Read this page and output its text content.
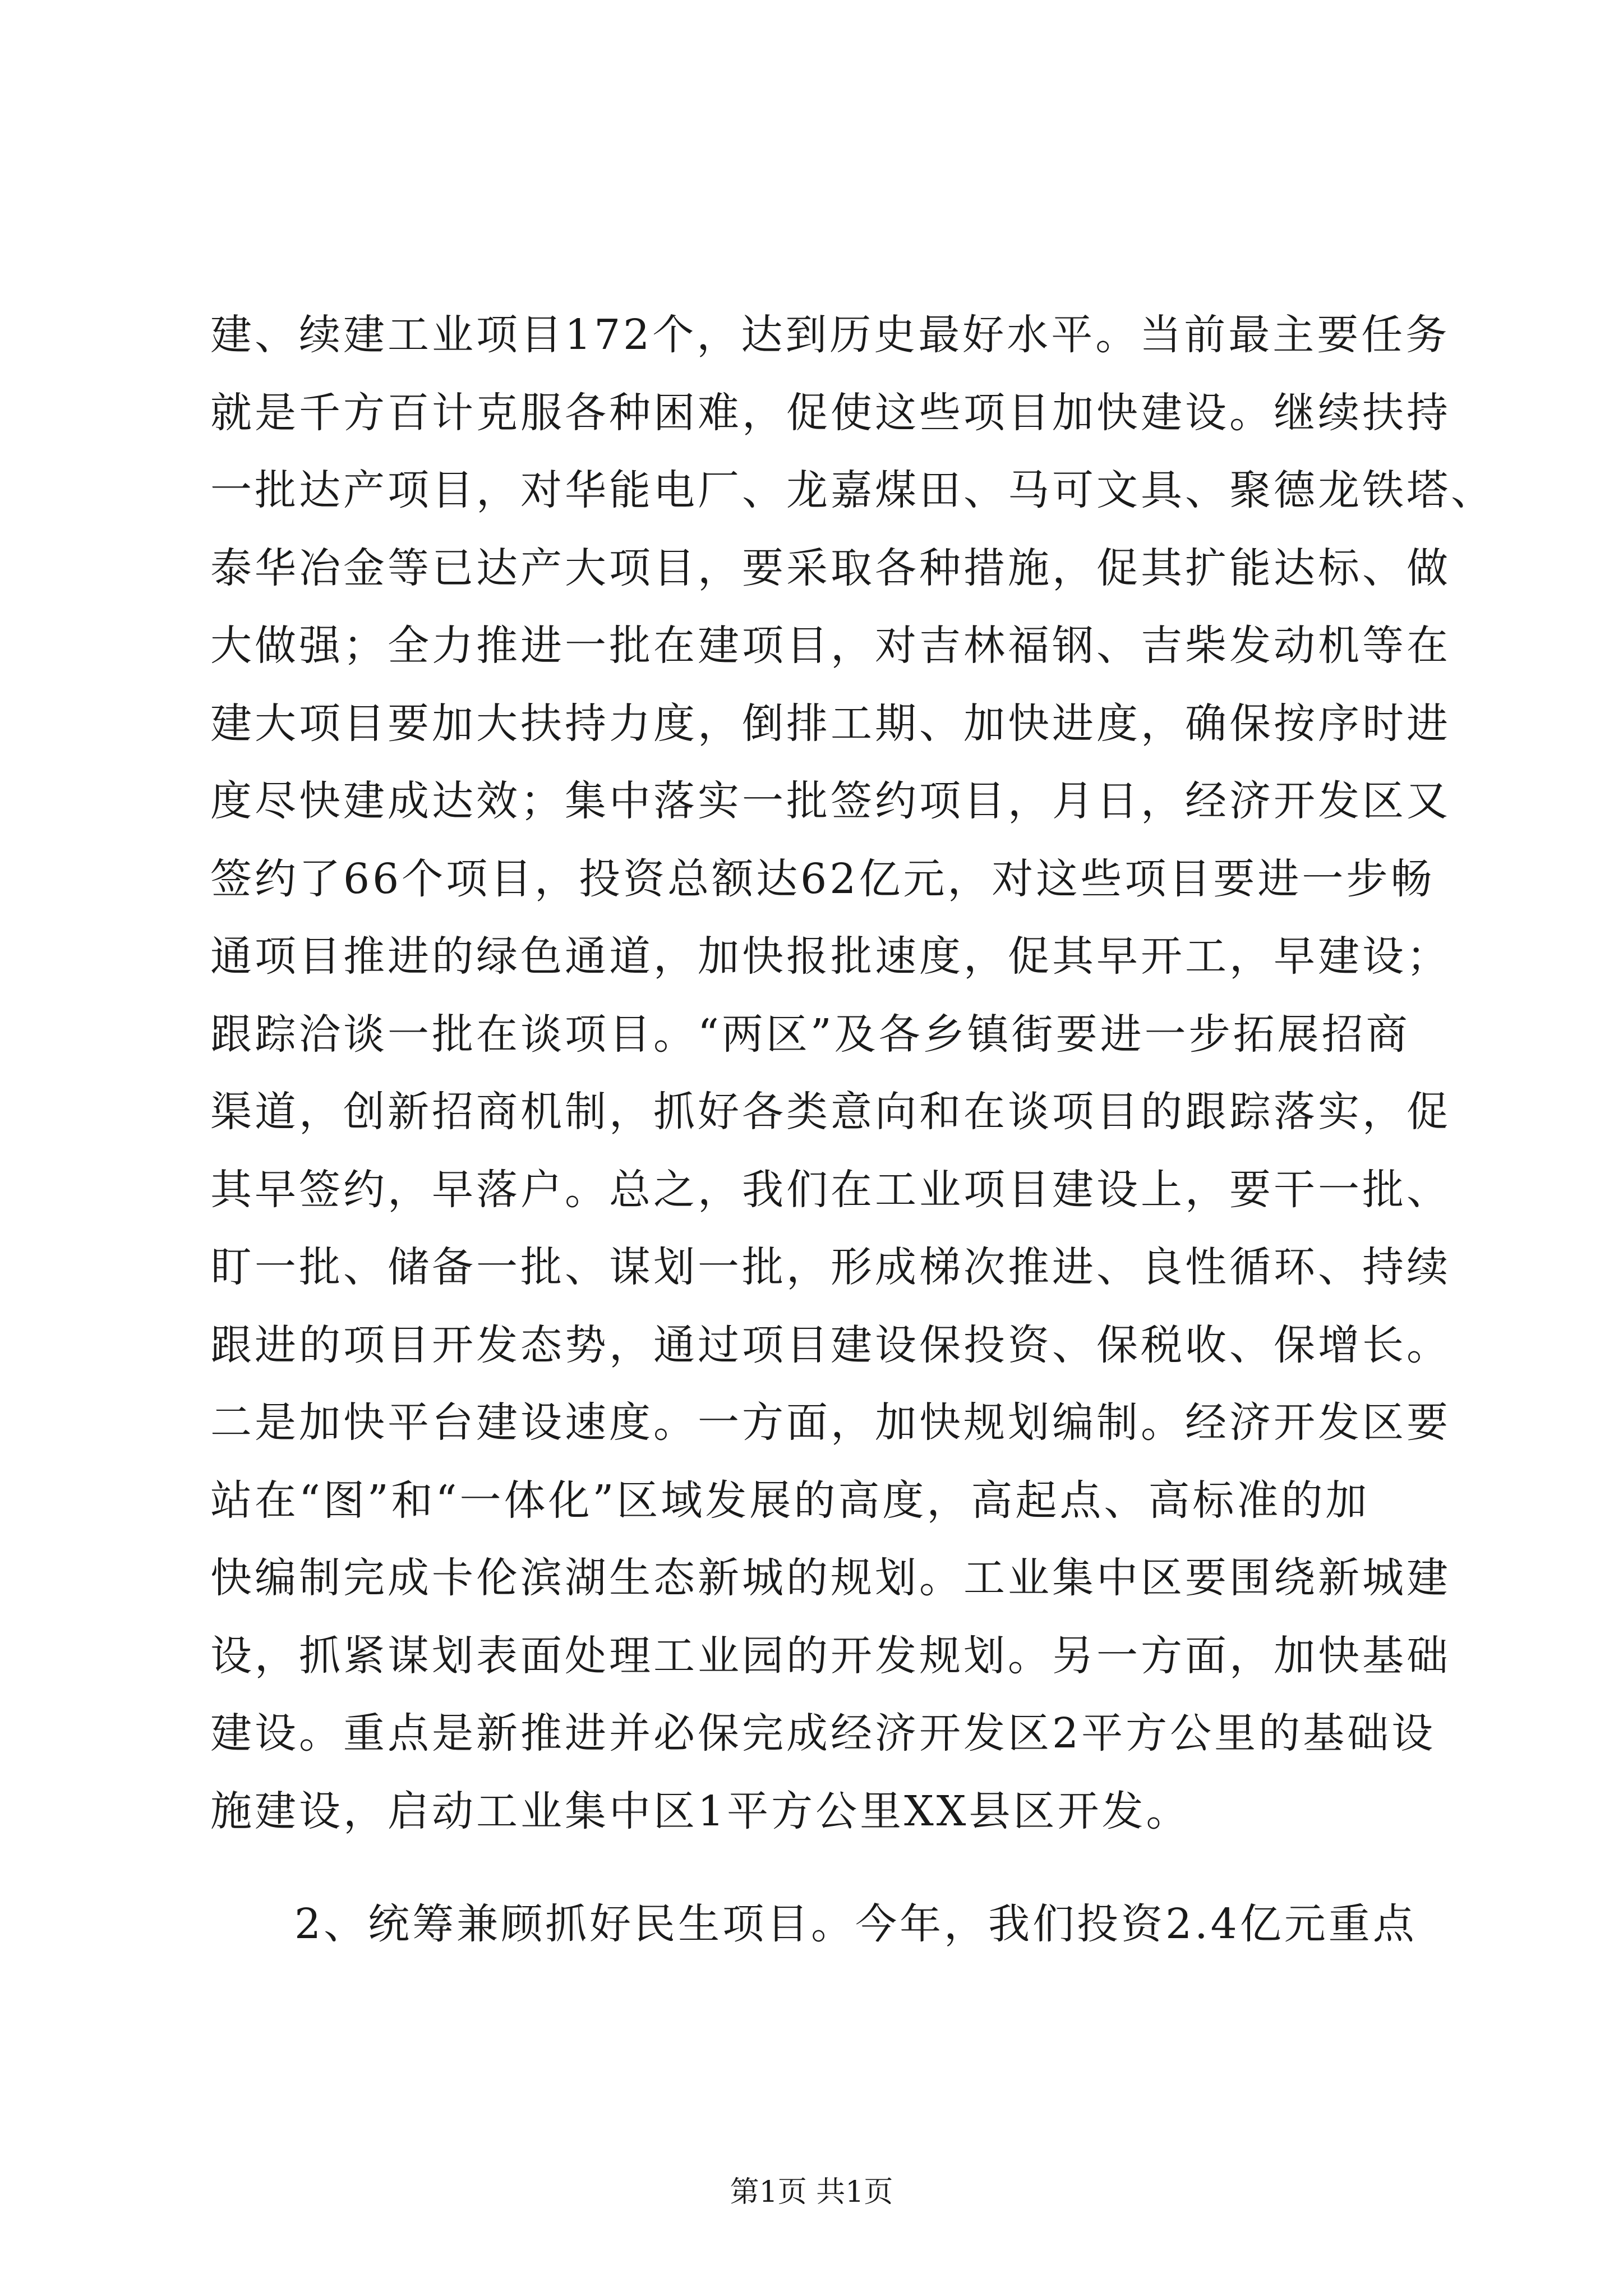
建、续建工业项目172个，达到历史最好水平。当前最主要任务
就是千方百计克服各种困难，促使这些项目加快建设。继续扶持
一批达产项目，对华能电厂、龙嘉煤田、马可文具、聚德龙铁塔、
泰华冶金等已达产大项目，要采取各种措施，促其扩能达标、做
大做强；全力推进一批在建项目，对吉林福钢、吉柴发动机等在
建大项目要加大扶持力度，倒排工期、加快进度，确保按序时进
度尽快建成达效；集中落实一批签约项目，月日，经济开发区又
签约了66个项目，投资总额达62亿元，对这些项目要进一步畅
通项目推进的绿色通道，加快报批速度，促其早开工，早建设；
跟踪洽谈一批在谈项目。“两区”及各乡镇街要进一步拓展招商
渠道，创新招商机制，抓好各类意向和在谈项目的跟踪落实，促
其早签约，早落户。总之，我们在工业项目建设上，要干一批、
盯一批、储备一批、谋划一批，形成梯次推进、良性循环、持续
跟进的项目开发态势，通过项目建设保投资、保税收、保增长。
二是加快平台建设速度。一方面，加快规划编制。经济开发区要
站在“图”和“一体化”区域发展的高度，高起点、高标准的加
快编制完成卡伦滨湖生态新城的规划。工业集中区要围绕新城建
设，抓紧谋划表面处理工业园的开发规划。另一方面，加快基础
建设。重点是新推进并必保完成经济开发区2平方公里的基础设
施建设，启动工业集中区1平方公里XX县区开发。
2、统筹兼顾抓好民生项目。今年，我们投资2.4亿元重点
第1页 共1页
